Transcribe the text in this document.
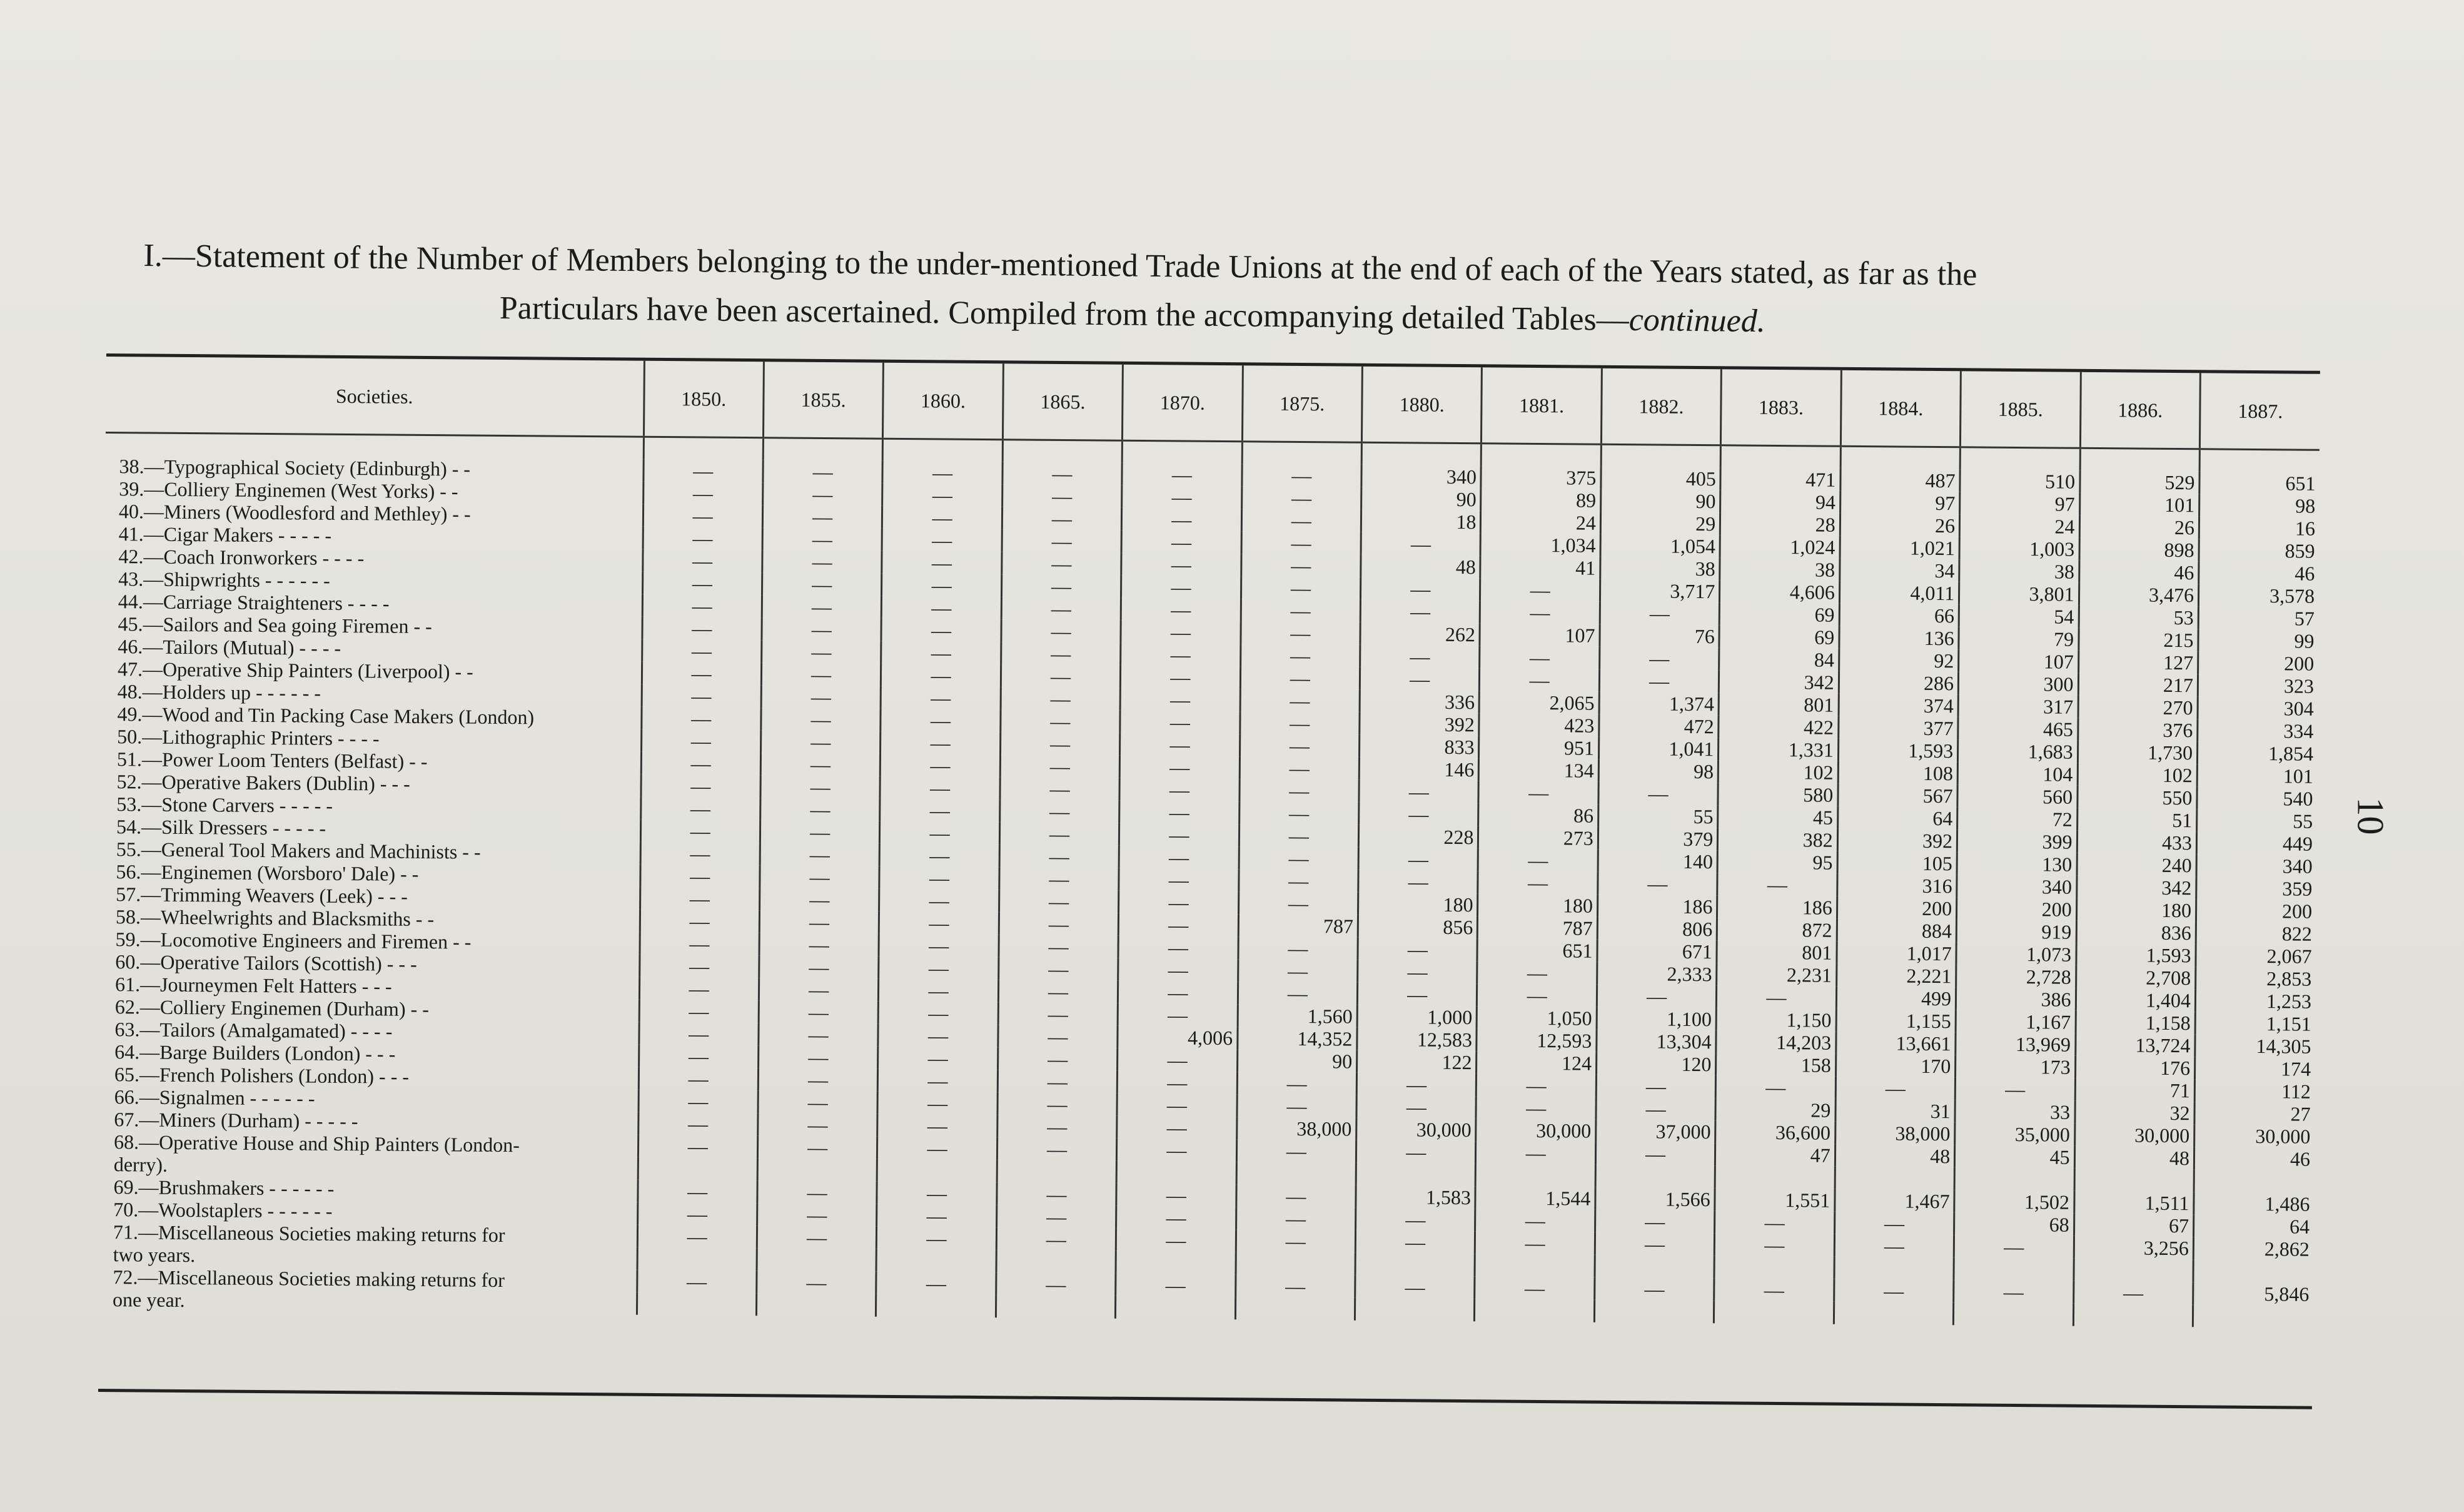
I.—Statement of the Number of Members belonging to the under-mentioned Trade Unions at the end of each of the Years stated, as far as the
Particulars have been ascertained. Compiled from the accompanying detailed Tables—continued.
Societies.	1850.	1855.	1860.	1865.	1870.	1875.	1880.	1881.	1882.	1883.	1884.	1885.	1886.	1887.

38.—Typographical Society (Edinburgh) - -	—	—	—	—	—	—	340	375	405	471	487	510	529	651
39.—Colliery Enginemen (West Yorks) - -	—	—	—	—	—	—	90	89	90	94	97	97	101	98
40.—Miners (Woodlesford and Methley) - -	—	—	—	—	—	—	18	24	29	28	26	24	26	16
41.—Cigar Makers - - - - -	—	—	—	—	—	—	—	1,034	1,054	1,024	1,021	1,003	898	859
42.—Coach Ironworkers - - - -	—	—	—	—	—	—	48	41	38	38	34	38	46	46
43.—Shipwrights - - - - - -	—	—	—	—	—	—	—	—	3,717	4,606	4,011	3,801	3,476	3,578
44.—Carriage Straighteners - - - -	—	—	—	—	—	—	—	—	—	69	66	54	53	57
45.—Sailors and Sea going Firemen - -	—	—	—	—	—	—	262	107	76	69	136	79	215	99
46.—Tailors (Mutual) - - - -	—	—	—	—	—	—	—	—	—	84	92	107	127	200
47.—Operative Ship Painters (Liverpool) - -	—	—	—	—	—	—	—	—	—	342	286	300	217	323
48.—Holders up - - - - - -	—	—	—	—	—	—	336	2,065	1,374	801	374	317	270	304
49.—Wood and Tin Packing Case Makers (London)	—	—	—	—	—	—	392	423	472	422	377	465	376	334
50.—Lithographic Printers - - - -	—	—	—	—	—	—	833	951	1,041	1,331	1,593	1,683	1,730	1,854
51.—Power Loom Tenters (Belfast) - -	—	—	—	—	—	—	146	134	98	102	108	104	102	101
52.—Operative Bakers (Dublin) - - -	—	—	—	—	—	—	—	—	—	580	567	560	550	540
53.—Stone Carvers - - - - -	—	—	—	—	—	—	—	86	55	45	64	72	51	55
54.—Silk Dressers - - - - -	—	—	—	—	—	—	228	273	379	382	392	399	433	449
55.—General Tool Makers and Machinists - -	—	—	—	—	—	—	—	—	140	95	105	130	240	340
56.—Enginemen (Worsboro' Dale) - -	—	—	—	—	—	—	—	—	—	—	316	340	342	359
57.—Trimming Weavers (Leek) - - -	—	—	—	—	—	—	180	180	186	186	200	200	180	200
58.—Wheelwrights and Blacksmiths - -	—	—	—	—	—	787	856	787	806	872	884	919	836	822
59.—Locomotive Engineers and Firemen - -	—	—	—	—	—	—	—	651	671	801	1,017	1,073	1,593	2,067
60.—Operative Tailors (Scottish) - - -	—	—	—	—	—	—	—	—	2,333	2,231	2,221	2,728	2,708	2,853
61.—Journeymen Felt Hatters - - -	—	—	—	—	—	—	—	—	—	—	499	386	1,404	1,253
62.—Colliery Enginemen (Durham) - -	—	—	—	—	—	1,560	1,000	1,050	1,100	1,150	1,155	1,167	1,158	1,151
63.—Tailors (Amalgamated) - - - -	—	—	—	—	4,006	14,352	12,583	12,593	13,304	14,203	13,661	13,969	13,724	14,305
64.—Barge Builders (London) - - -	—	—	—	—	—	90	122	124	120	158	170	173	176	174
65.—French Polishers (London) - - -	—	—	—	—	—	—	—	—	—	—	—	—	71	112
66.—Signalmen - - - - - -	—	—	—	—	—	—	—	—	—	29	31	33	32	27
67.—Miners (Durham) - - - - -	—	—	—	—	—	38,000	30,000	30,000	37,000	36,600	38,000	35,000	30,000	30,000
68.—Operative House and Ship Painters (London-	—	—	—	—	—	—	—	—	—	47	48	45	48	46
derry).														
69.—Brushmakers - - - - - -	—	—	—	—	—	—	1,583	1,544	1,566	1,551	1,467	1,502	1,511	1,486
70.—Woolstaplers - - - - - -	—	—	—	—	—	—	—	—	—	—	—	68	67	64
71.—Miscellaneous Societies making returns for	—	—	—	—	—	—	—	—	—	—	—	—	3,256	2,862
two years.														
72.—Miscellaneous Societies making returns for	—	—	—	—	—	—	—	—	—	—	—	—	—	5,846
one year.														
10
